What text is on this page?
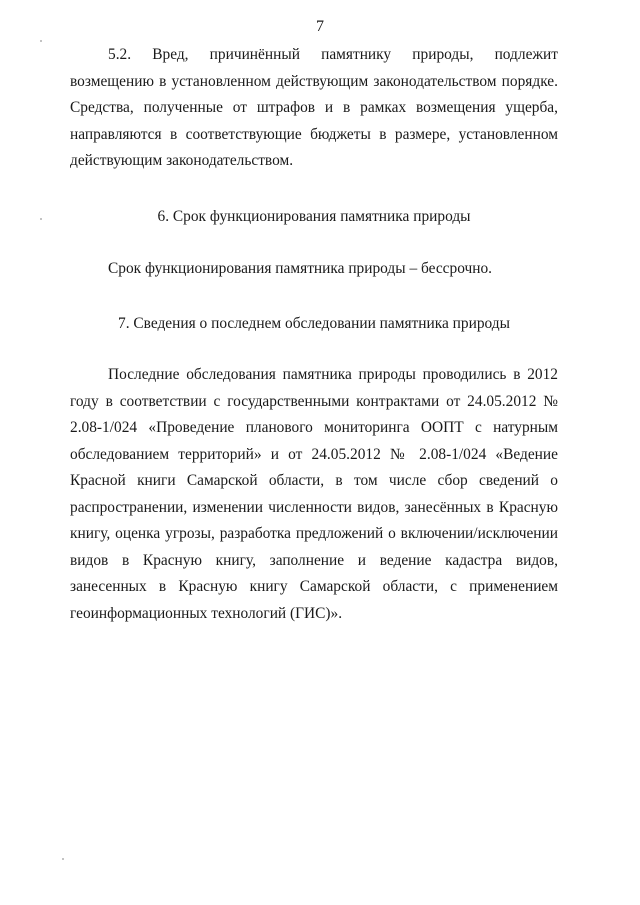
7

5.2. Вред, причинённый памятнику природы, подлежит возмещению в установленном действующим законодательством порядке. Средства, полученные от штрафов и в рамках возмещения ущерба, направляются в соответствующие бюджеты в размере, установленном действующим законодательством.

6. Срок функционирования памятника природы

Срок функционирования памятника природы – бессрочно.

7. Сведения о последнем обследовании памятника природы

Последние обследования памятника природы проводились в 2012 году в соответствии с государственными контрактами от 24.05.2012 № 2.08-1/024 «Проведение планового мониторинга ООПТ с натурным обследованием территорий» и от 24.05.2012 № 2.08-1/024 «Ведение Красной книги Самарской области, в том числе сбор сведений о распространении, изменении численности видов, занесённых в Красную книгу, оценка угрозы, разработка предложений о включении/исключении видов в Красную книгу, заполнение и ведение кадастра видов, занесенных в Красную книгу Самарской области, с применением геоинформационных технологий (ГИС)».
